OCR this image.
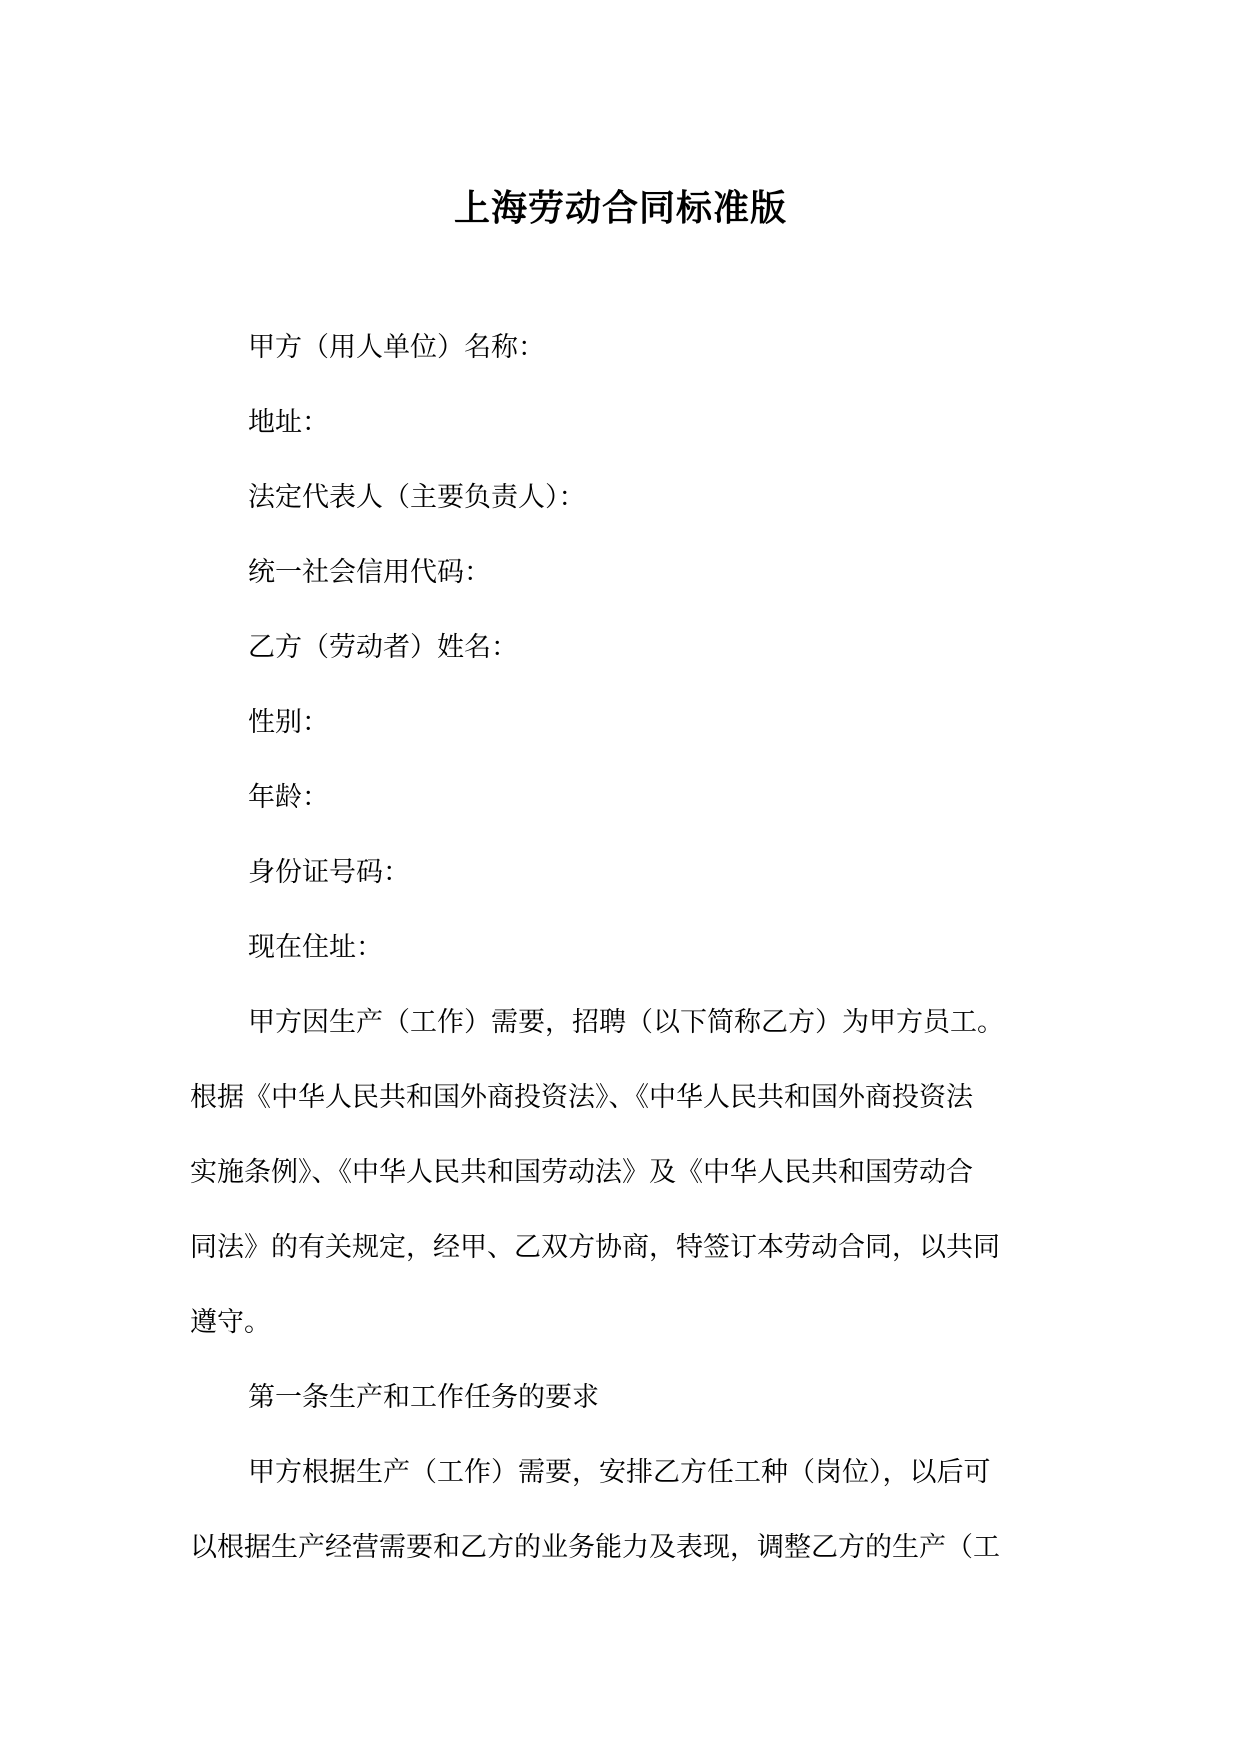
上海劳动合同标准版

甲方（用人单位）名称：

地址：

法定代表人（主要负责人）：

统一社会信用代码：

乙方（劳动者）姓名：

性别：

年龄：

身份证号码：

现在住址：

甲方因生产（工作）需要，招聘（以下简称乙方）为甲方员工。
根据《中华人民共和国外商投资法》、《中华人民共和国外商投资法
实施条例》、《中华人民共和国劳动法》及《中华人民共和国劳动合
同法》的有关规定，经甲、乙双方协商，特签订本劳动合同，以共同
遵守。

第一条生产和工作任务的要求

甲方根据生产（工作）需要，安排乙方任工种（岗位），以后可
以根据生产经营需要和乙方的业务能力及表现，调整乙方的生产（工
